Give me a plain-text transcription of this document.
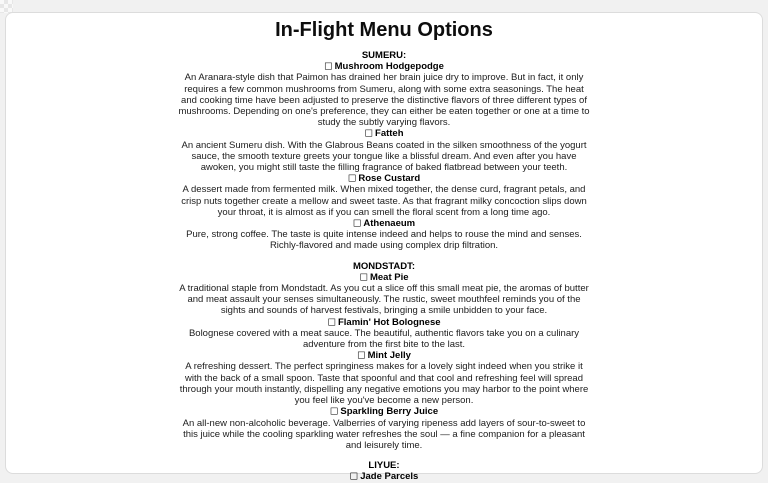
In-Flight Menu Options
SUMERU:
☐ Mushroom Hodgepodge

An Aranara-style dish that Paimon has drained her brain juice dry to improve. But in fact, it only requires a few common mushrooms from Sumeru, along with some extra seasonings. The heat and cooking time have been adjusted to preserve the distinctive flavors of three different types of mushrooms. Depending on one's preference, they can either be eaten together or one at a time to study the subtly varying flavors.

☐ Fatteh

An ancient Sumeru dish. With the Glabrous Beans coated in the silken smoothness of the yogurt sauce, the smooth texture greets your tongue like a blissful dream. And even after you have awoken, you might still taste the filling fragrance of baked flatbread between your teeth.

☐ Rose Custard

A dessert made from fermented milk. When mixed together, the dense curd, fragrant petals, and crisp nuts together create a mellow and sweet taste. As that fragrant milky concoction slips down your throat, it is almost as if you can smell the floral scent from a long time ago.

☐ Athenaeum

Pure, strong coffee. The taste is quite intense indeed and helps to rouse the mind and senses. Richly-flavored and made using complex drip filtration.

MONDSTADT:
☐ Meat Pie

A traditional staple from Mondstadt. As you cut a slice off this small meat pie, the aromas of butter and meat assault your senses simultaneously. The rustic, sweet mouthfeel reminds you of the sights and sounds of harvest festivals, bringing a smile unbidden to your face.

☐ Flamin' Hot Bolognese

Bolognese covered with a meat sauce. The beautiful, authentic flavors take you on a culinary adventure from the first bite to the last.

☐ Mint Jelly

A refreshing dessert. The perfect springiness makes for a lovely sight indeed when you strike it with the back of a small spoon. Taste that spoonful and that cool and refreshing feel will spread through your mouth instantly, dispelling any negative emotions you may harbor to the point where you feel like you've become a new person.

☐ Sparkling Berry Juice

An all-new non-alcoholic beverage. Valberries of varying ripeness add layers of sour-to-sweet to this juice while the cooling sparkling water refreshes the soul — a fine companion for a pleasant and leisurely time.

LIYUE:
☐ Jade Parcels
